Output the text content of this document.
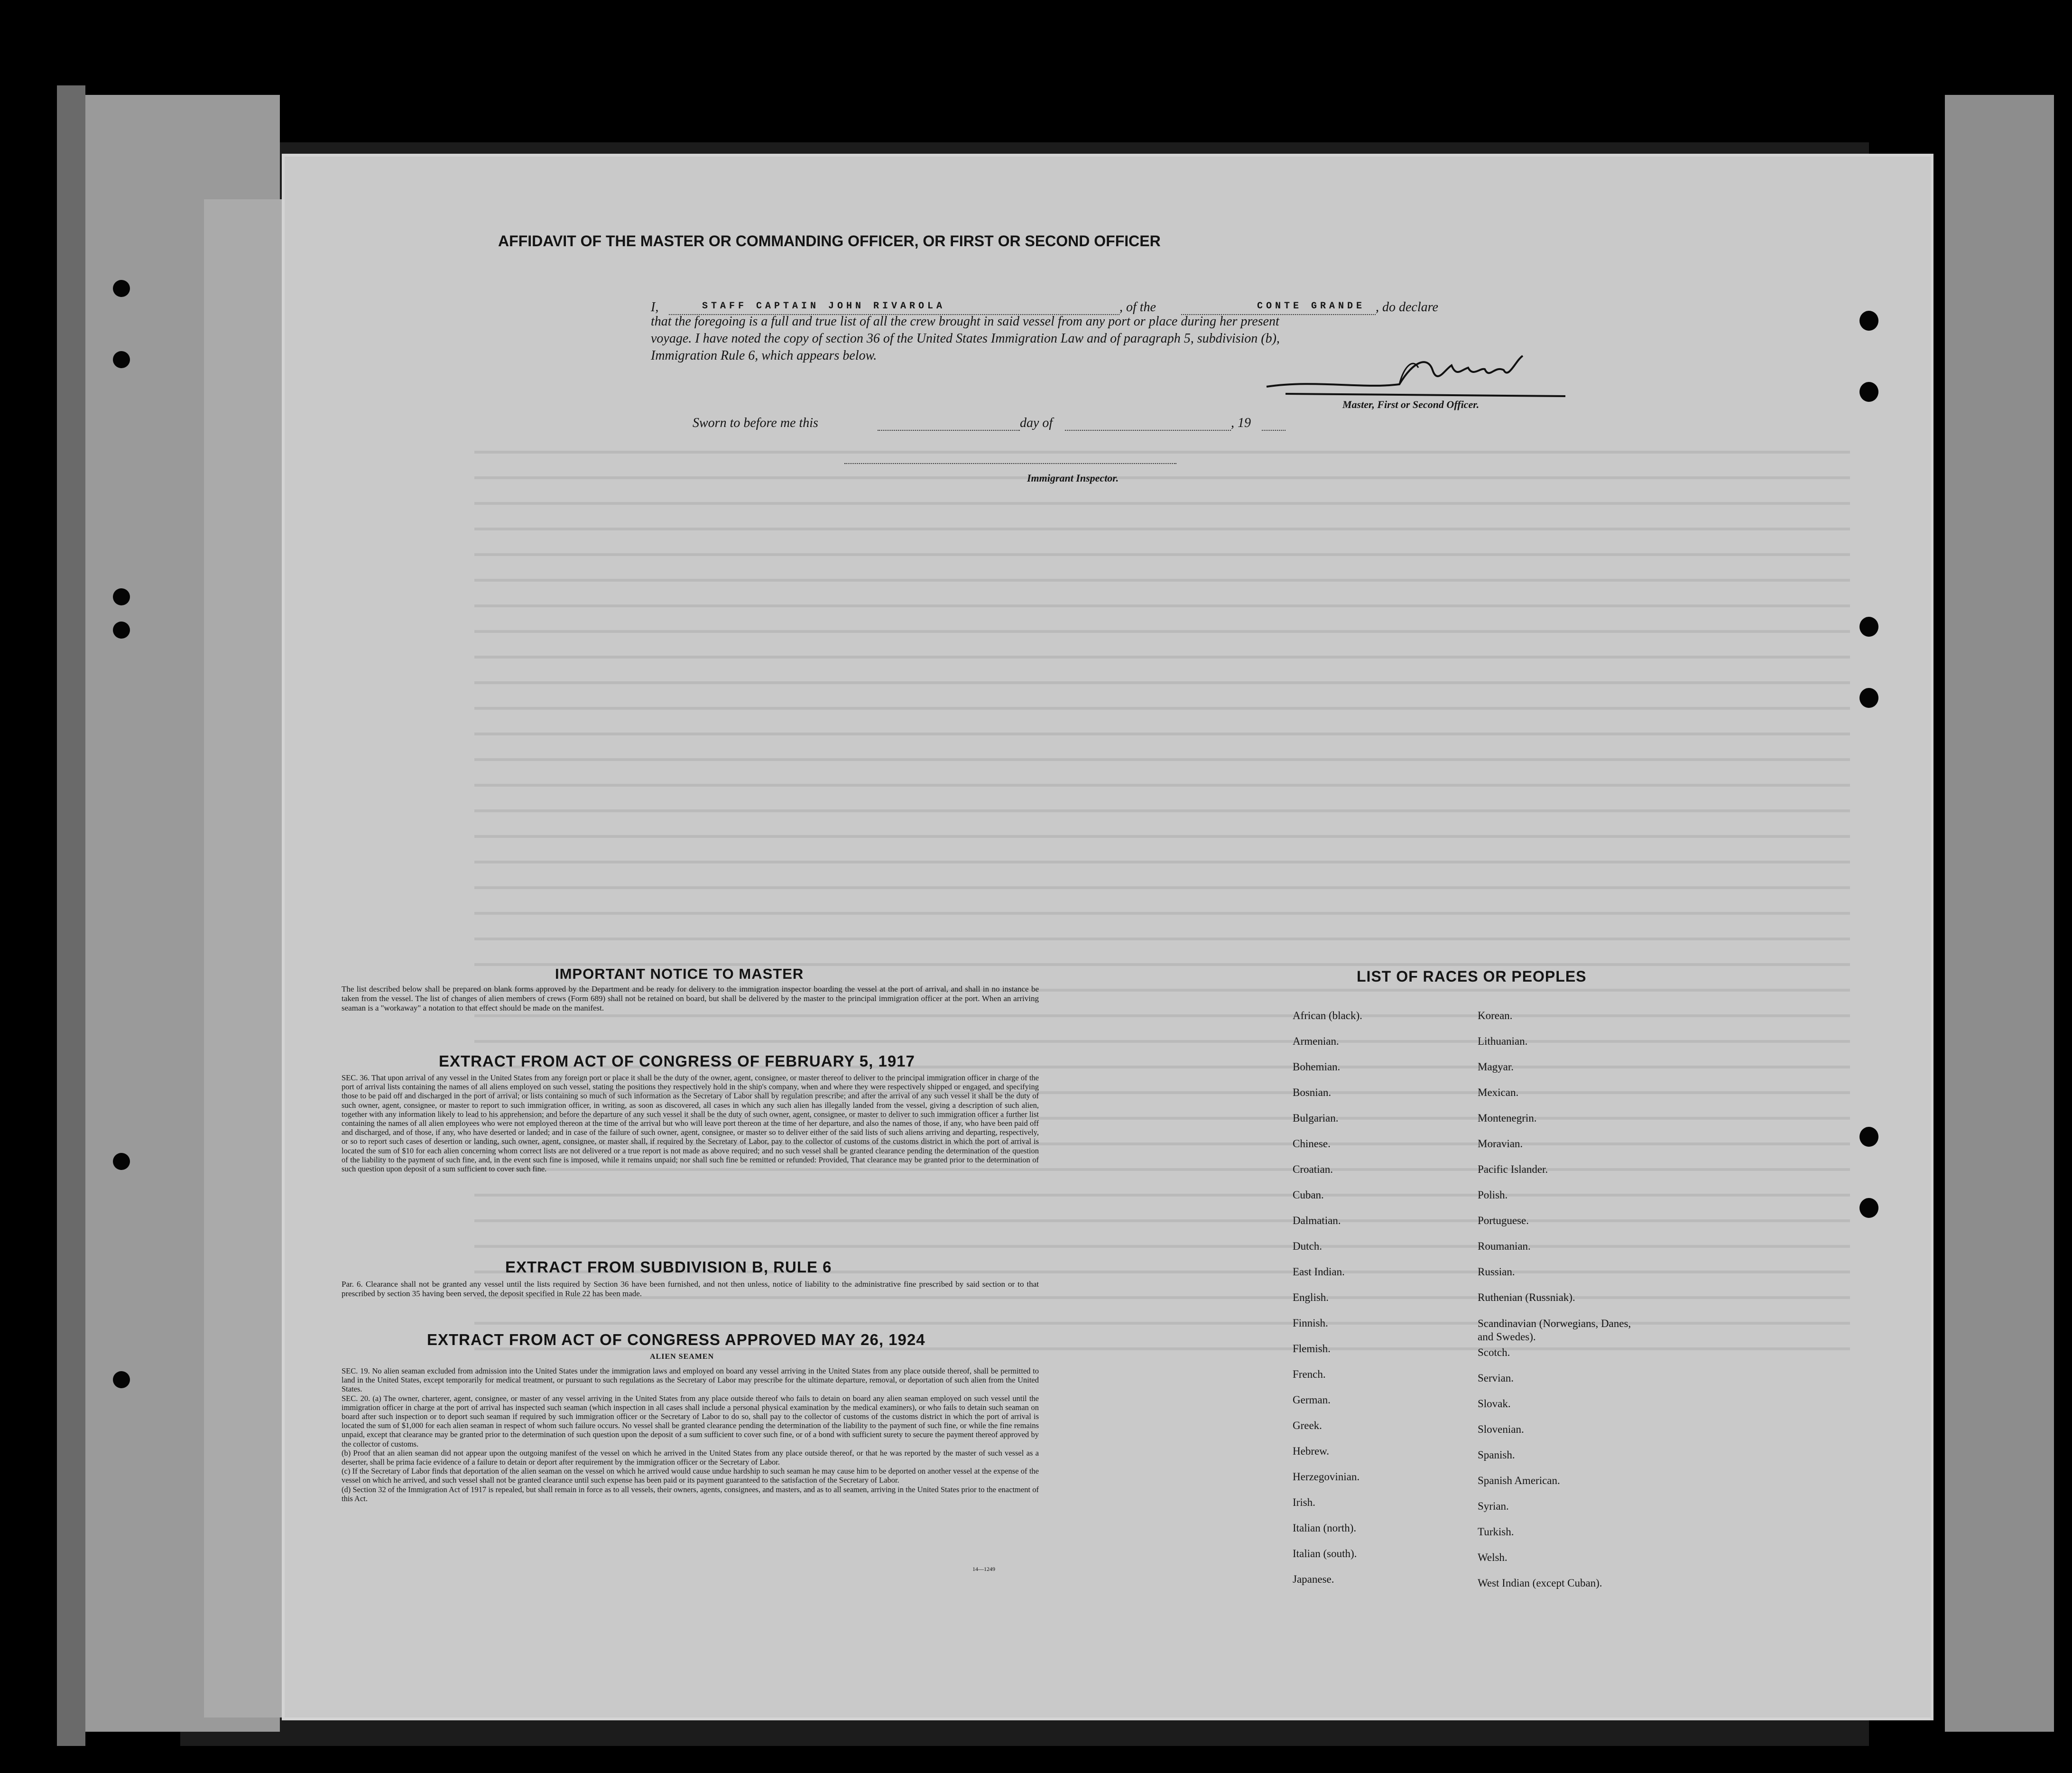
AFFIDAVIT OF THE MASTER OR COMMANDING OFFICER, OR FIRST OR SECOND OFFICER
I,	STAFF CAPTAIN JOHN RIVAROLA	, of the	CONTE GRANDE , do declare
that the foregoing is a full and true list of all the crew brought in said vessel from any port or place during her present
voyage. I have noted the copy of section 36 of the United States Immigration Law and of paragraph 5, subdivision (b),
Immigration Rule 6, which appears below.
Master, First or Second Officer.
Sworn to before me this	day of	, 19
Immigrant Inspector.
IMPORTANT NOTICE TO MASTER
The list described below shall be prepared on blank forms approved by the Department and be ready for delivery to the immigration inspector boarding the vessel at the port of arrival, and shall in no instance be taken from the vessel. The list of changes of alien members of crews (Form 689) shall not be retained on board, but shall be delivered by the master to the principal immigration officer at the port. When an arriving seaman is a "workaway" a notation to that effect should be made on the manifest.
EXTRACT FROM ACT OF CONGRESS OF FEBRUARY 5, 1917
SEC. 36. That upon arrival of any vessel in the United States from any foreign port or place it shall be the duty of the owner, agent, consignee, or master thereof to deliver to the principal immigration officer in charge of the port of arrival lists containing the names of all aliens employed on such vessel, stating the positions they respectively hold in the ship's company, when and where they were respectively shipped or engaged, and specifying those to be paid off and discharged in the port of arrival; or lists containing so much of such information as the Secretary of Labor shall by regulation prescribe; and after the arrival of any such vessel it shall be the duty of such owner, agent, consignee, or master to report to such immigration officer, in writing, as soon as discovered, all cases in which any such alien has illegally landed from the vessel, giving a description of such alien, together with any information likely to lead to his apprehension; and before the departure of any such vessel it shall be the duty of such owner, agent, consignee, or master to deliver to such immigration officer a further list containing the names of all alien employees who were not employed thereon at the time of the arrival but who will leave port thereon at the time of her departure, and also the names of those, if any, who have been paid off and discharged, and of those, if any, who have deserted or landed; and in case of the failure of such owner, agent, consignee, or master so to deliver either of the said lists of such aliens arriving and departing, respectively, or so to report such cases of desertion or landing, such owner, agent, consignee, or master shall, if required by the Secretary of Labor, pay to the collector of customs of the customs district in which the port of arrival is located the sum of $10 for each alien concerning whom correct lists are not delivered or a true report is not made as above required; and no such vessel shall be granted clearance pending the determination of the question of the liability to the payment of such fine, and, in the event such fine is imposed, while it remains unpaid; nor shall such fine be remitted or refunded: Provided, That clearance may be granted prior to the determination of such question upon deposit of a sum sufficient to cover such fine.
EXTRACT FROM SUBDIVISION B, RULE 6
Par. 6. Clearance shall not be granted any vessel until the lists required by Section 36 have been furnished, and not then unless, notice of liability to the administrative fine prescribed by said section or to that prescribed by section 35 having been served, the deposit specified in Rule 22 has been made.
EXTRACT FROM ACT OF CONGRESS APPROVED MAY 26, 1924
ALIEN SEAMEN
SEC. 19. No alien seaman excluded from admission into the United States under the immigration laws and employed on board any vessel arriving in the United States from any place outside thereof, shall be permitted to land in the United States, except temporarily for medical treatment, or pursuant to such regulations as the Secretary of Labor may prescribe for the ultimate departure, removal, or deportation of such alien from the United States.
SEC. 20. (a) The owner, charterer, agent, consignee, or master of any vessel arriving in the United States from any place outside thereof who fails to detain on board any alien seaman employed on such vessel until the immigration officer in charge at the port of arrival has inspected such seaman (which inspection in all cases shall include a personal physical examination by the medical examiners), or who fails to detain such seaman on board after such inspection or to deport such seaman if required by such immigration officer or the Secretary of Labor to do so, shall pay to the collector of customs of the customs district in which the port of arrival is located the sum of $1,000 for each alien seaman in respect of whom such failure occurs. No vessel shall be granted clearance pending the determination of the liability to the payment of such fine, or while the fine remains unpaid, except that clearance may be granted prior to the determination of such question upon the deposit of a sum sufficient to cover such fine, or of a bond with sufficient surety to secure the payment thereof approved by the collector of customs.
(b) Proof that an alien seaman did not appear upon the outgoing manifest of the vessel on which he arrived in the United States from any place outside thereof, or that he was reported by the master of such vessel as a deserter, shall be prima facie evidence of a failure to detain or deport after requirement by the immigration officer or the Secretary of Labor.
(c) If the Secretary of Labor finds that deportation of the alien seaman on the vessel on which he arrived would cause undue hardship to such seaman he may cause him to be deported on another vessel at the expense of the vessel on which he arrived, and such vessel shall not be granted clearance until such expense has been paid or its payment guaranteed to the satisfaction of the Secretary of Labor.
(d) Section 32 of the Immigration Act of 1917 is repealed, but shall remain in force as to all vessels, their owners, agents, consignees, and masters, and as to all seamen, arriving in the United States prior to the enactment of this Act.
14—1249
LIST OF RACES OR PEOPLES
African (black).
Armenian.
Bohemian.
Bosnian.
Bulgarian.
Chinese.
Croatian.
Cuban.
Dalmatian.
Dutch.
East Indian.
English.
Finnish.
Flemish.
French.
German.
Greek.
Hebrew.
Herzegovinian.
Irish.
Italian (north).
Italian (south).
Japanese.
Korean.
Lithuanian.
Magyar.
Mexican.
Montenegrin.
Moravian.
Pacific Islander.
Polish.
Portuguese.
Roumanian.
Russian.
Ruthenian (Russniak).
Scandinavian (Norwegians, Danes, and Swedes).
Scotch.
Servian.
Slovak.
Slovenian.
Spanish.
Spanish American.
Syrian.
Turkish.
Welsh.
West Indian (except Cuban).
